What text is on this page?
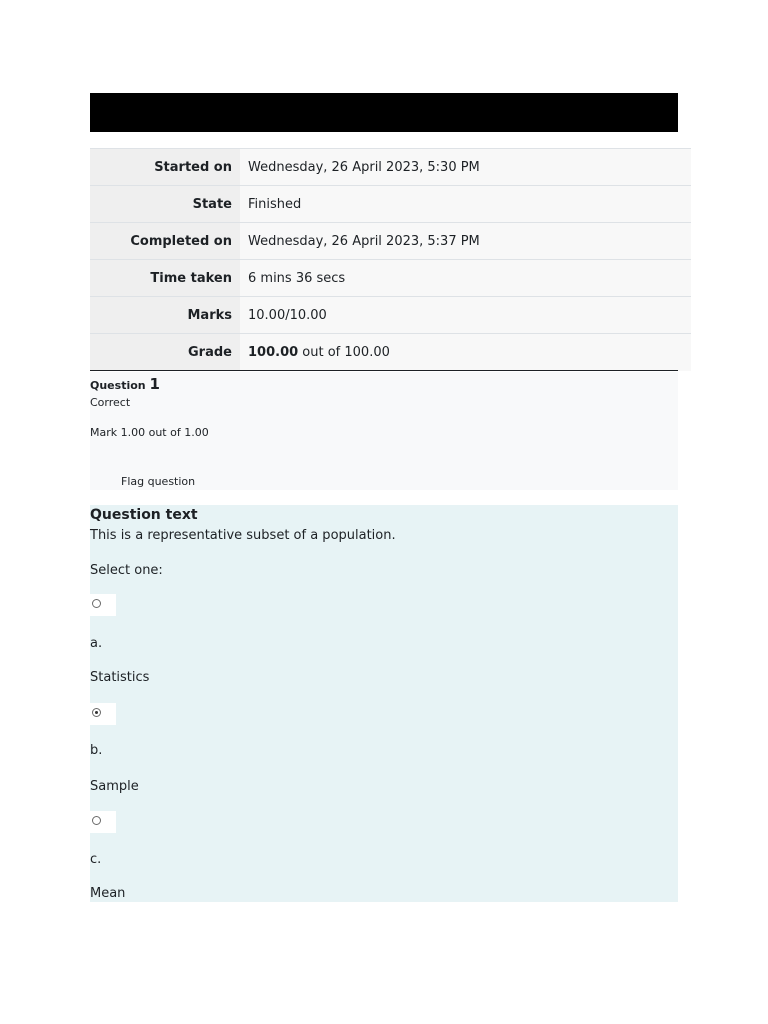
Started on	Wednesday, 26 April 2023, 5:30 PM
State	Finished
Completed on	Wednesday, 26 April 2023, 5:37 PM
Time taken	6 mins 36 secs
Marks	10.00/10.00
Grade	100.00 out of 100.00
Question 1
Correct
Mark 1.00 out of 1.00
Flag question
Question text
This is a representative subset of a population.
Select one:
a.
Statistics
b.
Sample
c.
Mean
